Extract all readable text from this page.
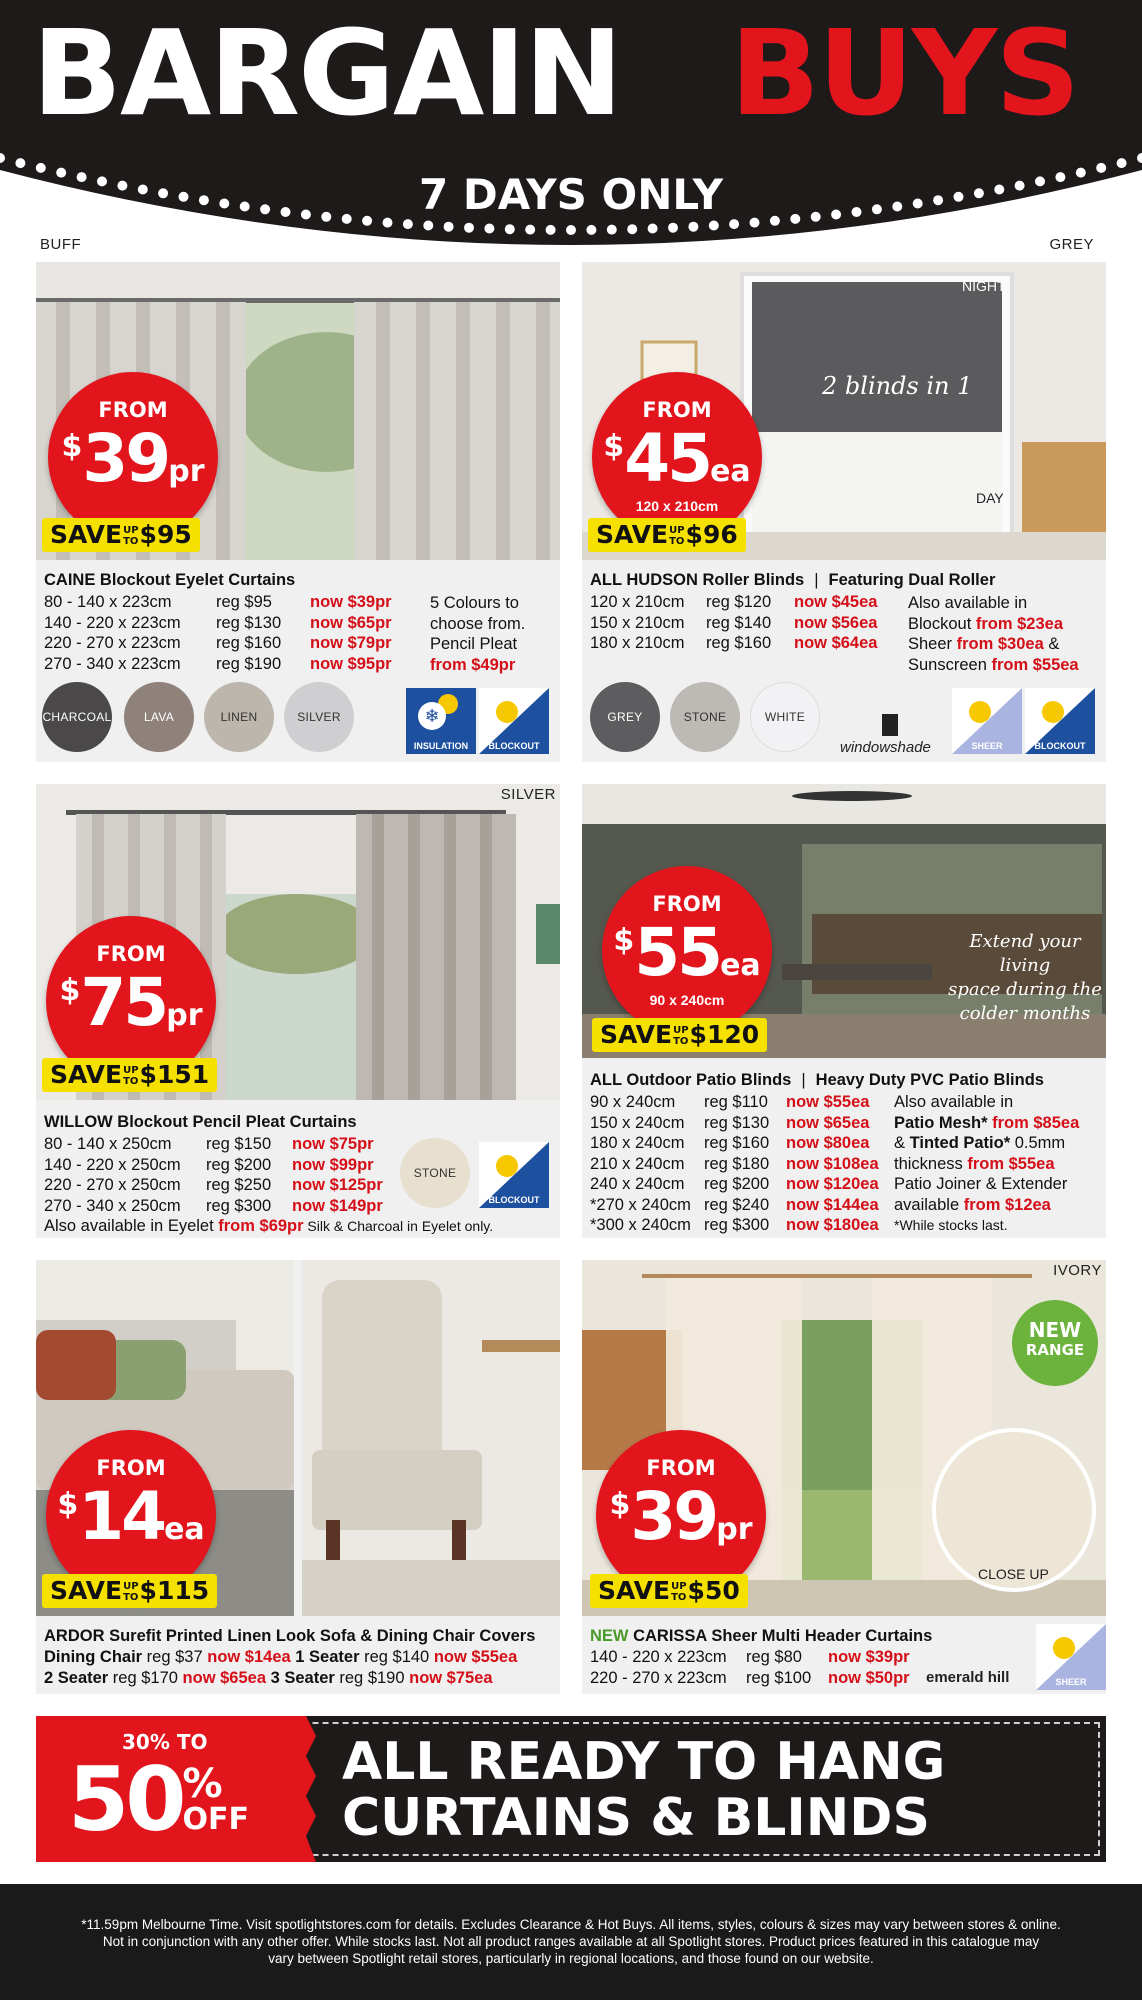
BARGAIN BUYS
7 DAYS ONLY
BUFF	GREY
FROM
$39pr
SAVEUP
TO$95
CAINE Blockout Eyelet Curtains
80 - 140 x 223cm	reg $95 now $39pr
140 - 220 x 223cm reg $130 now $65pr
220 - 270 x 223cm reg $160 now $79pr
270 - 340 x 223cm reg $190 now $95pr
5 Colours to
choose from.
Pencil Pleat
from $49pr
CHARCOAL	LAVA	LINEN	SILVER	❄
INSULATION	BLOCKOUT
NIGHT
DAY
2 blinds in 1
FROM
$45ea
120 x 210cm
SAVEUP
TO$96
ALL HUDSON Roller Blinds | Featuring Dual Roller
120 x 210cm reg $120 now $45ea
150 x 210cm reg $140 now $56ea
180 x 210cm reg $160 now $64ea
Also available in
Blockout from $23ea
Sheer from $30ea &
Sunscreen from $55ea
GREY	STONE	WHITE
windowshade	SHEER	BLOCKOUT
SILVER
FROM
$75pr
SAVEUP
TO$151
WILLOW Blockout Pencil Pleat Curtains
80 - 140 x 250cm reg $150 now $75pr
140 - 220 x 250cm reg $200 now $99pr
220 - 270 x 250cm reg $250 now $125pr
270 - 340 x 250cm reg $300 now $149pr
Also available in Eyelet from $69pr Silk & Charcoal in Eyelet only.
STONE
BLOCKOUT
Extend your living
space during the
colder months
FROM
$55ea
90 x 240cm
SAVEUP
TO$120
ALL Outdoor Patio Blinds | Heavy Duty PVC Patio Blinds
90 x 240cm reg $110 now $55ea
150 x 240cm reg $130 now $65ea
180 x 240cm reg $160 now $80ea
210 x 240cm reg $180 now $108ea
240 x 240cm reg $200 now $120ea
*270 x 240cm reg $240 now $144ea
*300 x 240cm reg $300 now $180ea
Also available in
Patio Mesh* from $85ea
& Tinted Patio* 0.5mm
thickness from $55ea
Patio Joiner & Extender
available from $12ea
*While stocks last.
FROM
$14ea
SAVEUP
TO$115
ARDOR Surefit Printed Linen Look Sofa & Dining Chair Covers
Dining Chair reg $37 now $14ea 1 Seater reg $140 now $55ea
2 Seater reg $170 now $65ea 3 Seater reg $190 now $75ea
CLOSE UP
IVORY
NEW
RANGE
FROM
$39pr
SAVEUP
TO$50
NEW CARISSA Sheer Multi Header Curtains
140 - 220 x 223cm reg $80 now $39pr
220 - 270 x 223cm reg $100 now $50pr	emerald hill	SHEER
30% TO
50 %
OFF
ALL READY TO HANG
CURTAINS & BLINDS
*11.59pm Melbourne Time. Visit spotlightstores.com for details. Excludes Clearance & Hot Buys. All items, styles, colours & sizes may vary between stores & online.
Not in conjunction with any other offer. While stocks last. Not all product ranges available at all Spotlight stores. Product prices featured in this catalogue may
vary between Spotlight retail stores, particularly in regional locations, and those found on our website.
